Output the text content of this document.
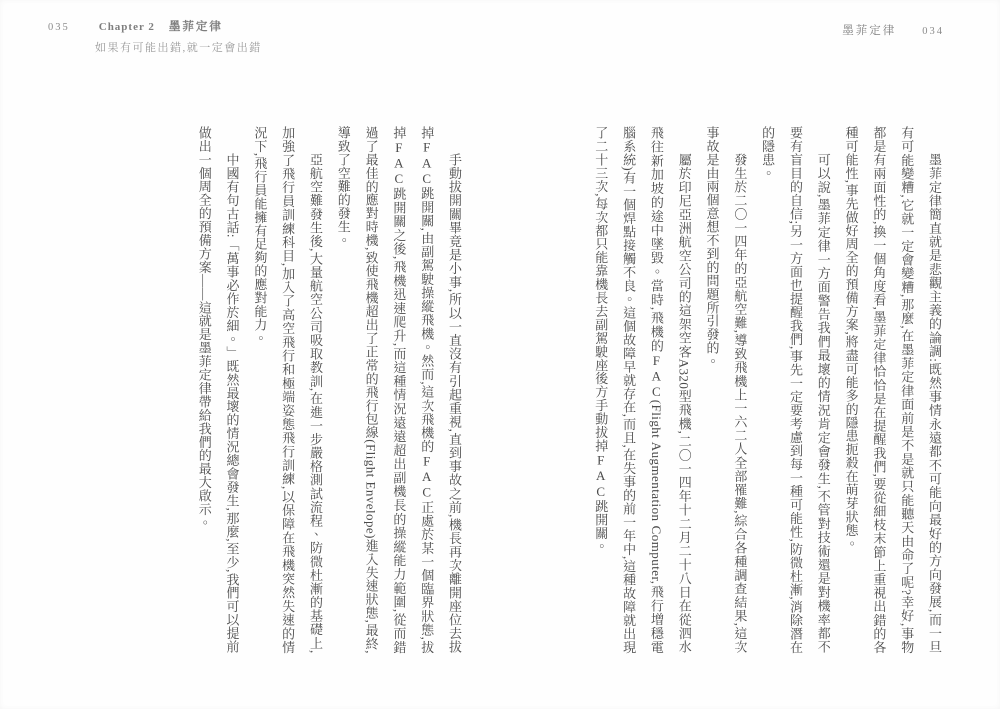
035	Chapter 2 墨菲定律
如果有可能出錯,就一定會出錯
墨菲定律 034

墨菲定律簡直就是悲觀主義的論調:既然事情永遠都不可能向最好的方向發展,而一旦有可能變糟,它就一定會變糟,那麼,在墨菲定律面前是不是就只能聽天由命了呢?幸好,事物都是有兩面性的,換一個角度看,墨菲定律恰恰是在提醒我們,要從細枝末節上重視出錯的各種可能性,事先做好周全的預備方案,將盡可能多的隱患扼殺在萌芽狀態。

可以說,墨菲定律一方面警告我們最壞的情況肯定會發生,不管對技術還是對機率都不要有盲目的自信;另一方面也提醒我們,事先一定要考慮到每一種可能性,防微杜漸,消除潛在的隱患。

發生於二〇一四年的亞航空難,導致飛機上一六二人全部罹難,綜合各種調查結果,這次事故是由兩個意想不到的問題所引發的。

屬於印尼亞洲航空公司的這架空客A320型飛機,二〇一四年十二月二十八日在從泗水飛往新加坡的途中墜毀。當時,飛機的FAC(Flight Augmentation Computer,飛行增穩電腦系統)有一個焊點接觸不良。這個故障早就存在,而且,在失事的前一年中,這種故障就出現了二十三次,每次都只能靠機長去副駕駛座後方手動拔掉FAC跳開關。

手動拔開關畢竟是小事,所以一直沒有引起重視,直到事故之前,機長再次離開座位去拔掉FAC跳開關,由副駕駛操縱飛機。然而,這次飛機的FAC正處於某一個臨界狀態,拔掉FAC跳開關之後,飛機迅速爬升,而這種情況遠遠超出副機長的操縱能力範圍,從而錯過了最佳的應對時機,致使飛機超出了正常的飛行包線(Flight Envelope)進入失速狀態,最終,導致了空難的發生。

亞航空難發生後,大量航空公司吸取教訓,在進一步嚴格測試流程、防微杜漸的基礎上,加強了飛行員訓練科目,加入了高空飛行和極端姿態飛行訓練,以保障在飛機突然失速的情況下,飛行員能擁有足夠的應對能力。

中國有句古話:「萬事必作於細。」既然最壞的情況總會發生,那麼,至少,我們可以提前做出一個周全的預備方案——這就是墨菲定律帶給我們的最大啟示。
